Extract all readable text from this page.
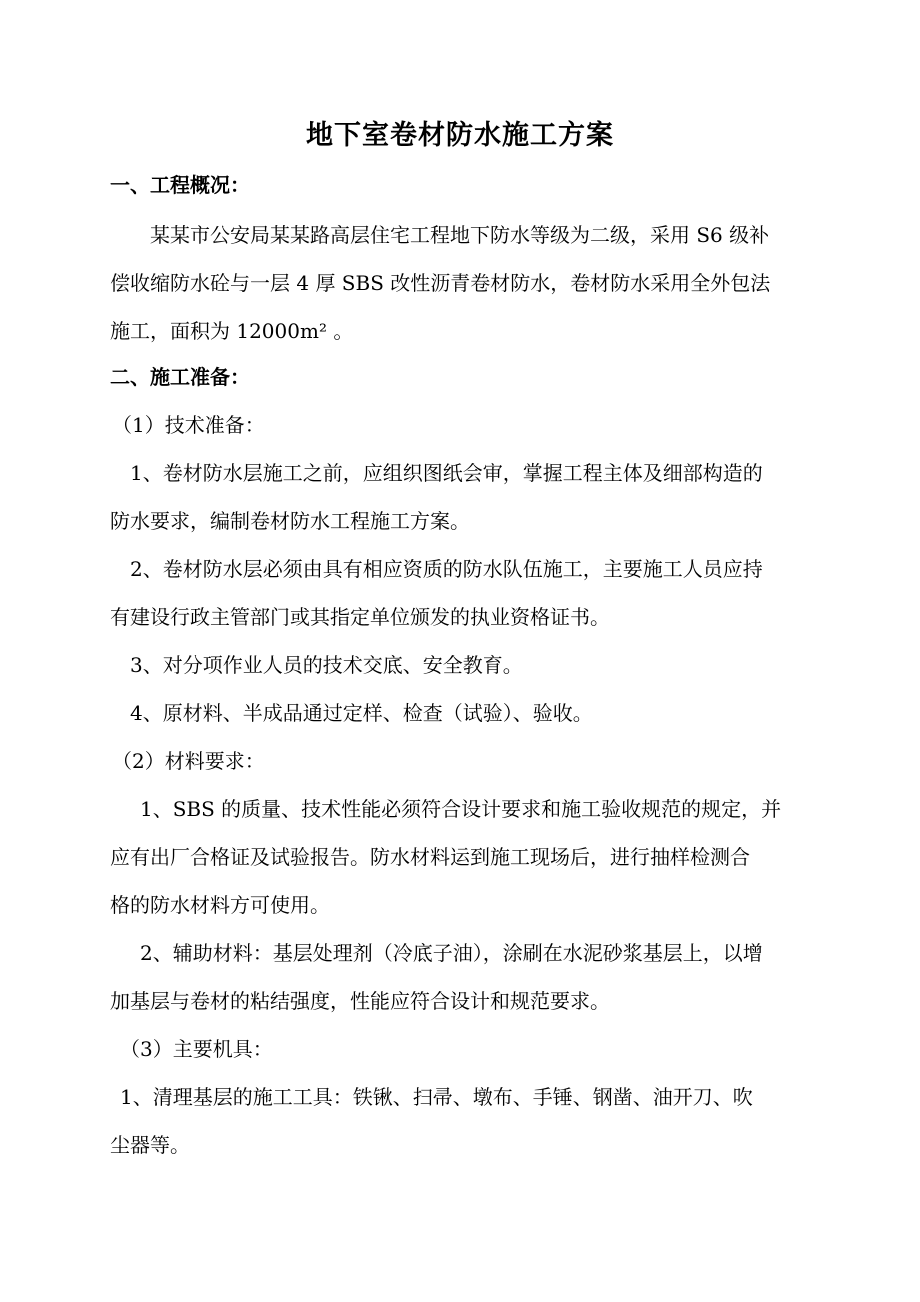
地下室卷材防水施工方案
一、工程概况：
某某市公安局某某路高层住宅工程地下防水等级为二级，采用 S6 级补
偿收缩防水砼与一层 4 厚 SBS 改性沥青卷材防水，卷材防水采用全外包法
施工，面积为 12000m² 。
二、施工准备：
（1）技术准备：
1、卷材防水层施工之前，应组织图纸会审，掌握工程主体及细部构造的
防水要求，编制卷材防水工程施工方案。
2、卷材防水层必须由具有相应资质的防水队伍施工，主要施工人员应持
有建设行政主管部门或其指定单位颁发的执业资格证书。
3、对分项作业人员的技术交底、安全教育。
4、原材料、半成品通过定样、检查（试验）、验收。
（2）材料要求：
1、SBS 的质量、技术性能必须符合设计要求和施工验收规范的规定，并
应有出厂合格证及试验报告。防水材料运到施工现场后，进行抽样检测合
格的防水材料方可使用。
2、辅助材料：基层处理剂（冷底子油），涂刷在水泥砂浆基层上，以增
加基层与卷材的粘结强度，性能应符合设计和规范要求。
（3）主要机具：
1、清理基层的施工工具：铁锹、扫帚、墩布、手锤、钢凿、油开刀、吹
尘器等。
